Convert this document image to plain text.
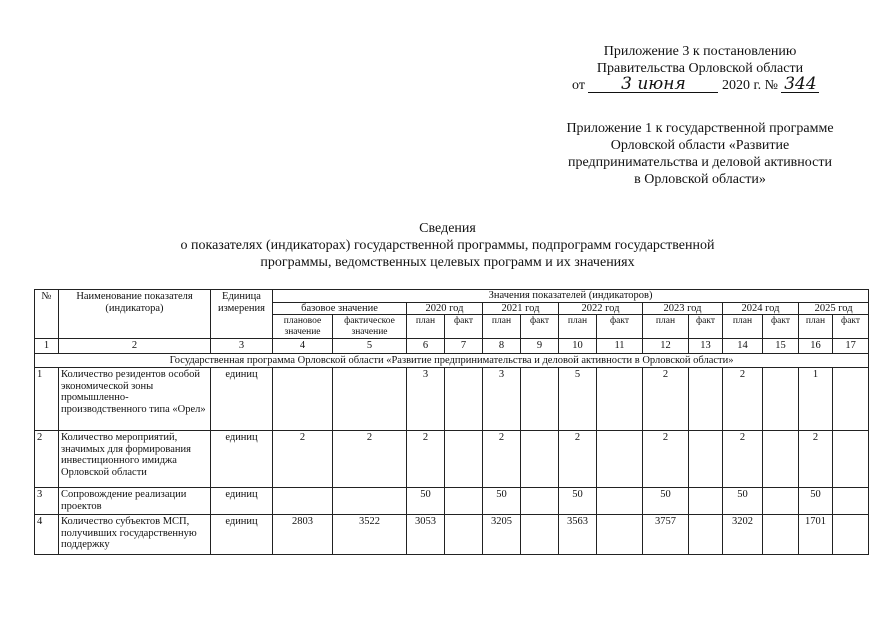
Приложение 3 к постановлению
Правительства Орловской области
от 3 июня	2020 г. № 344
Приложение 1 к государственной программе
Орловской области «Развитие
предпринимательства и деловой активности
в Орловской области»
Сведения
о показателях (индикаторах) государственной программы, подпрограмм государственной
программы, ведомственных целевых программ и их значениях
№	Наименование показателя (индикатора)	Единица измерения	Значения показателей (индикаторов)													
			базовое значение		2020 год		2021 год		2022 год		2023 год		2024 год		2025 год	
			плановое значение	фактическое значение	план	факт	план	факт	план	факт	план	факт	план	факт	план	факт
1	2	3	4	5	6	7	8	9	10	11	12	13	14	15	16	17
Государственная программа Орловской области «Развитие предпринимательства и деловой активности в Орловской области»																
1	Количество резидентов особой экономической зоны промышленно-производственного типа «Орел»	единиц			3		3		5		2		2		1	
2	Количество мероприятий, значимых для формирования инвестиционного имиджа Орловской области	единиц	2	2	2		2		2		2		2		2	
3	Сопровождение реализации проектов	единиц			50		50		50		50		50		50	
4	Количество субъектов МСП, получивших государственную поддержку	единиц	2803	3522	3053		3205		3563		3757		3202		1701	
